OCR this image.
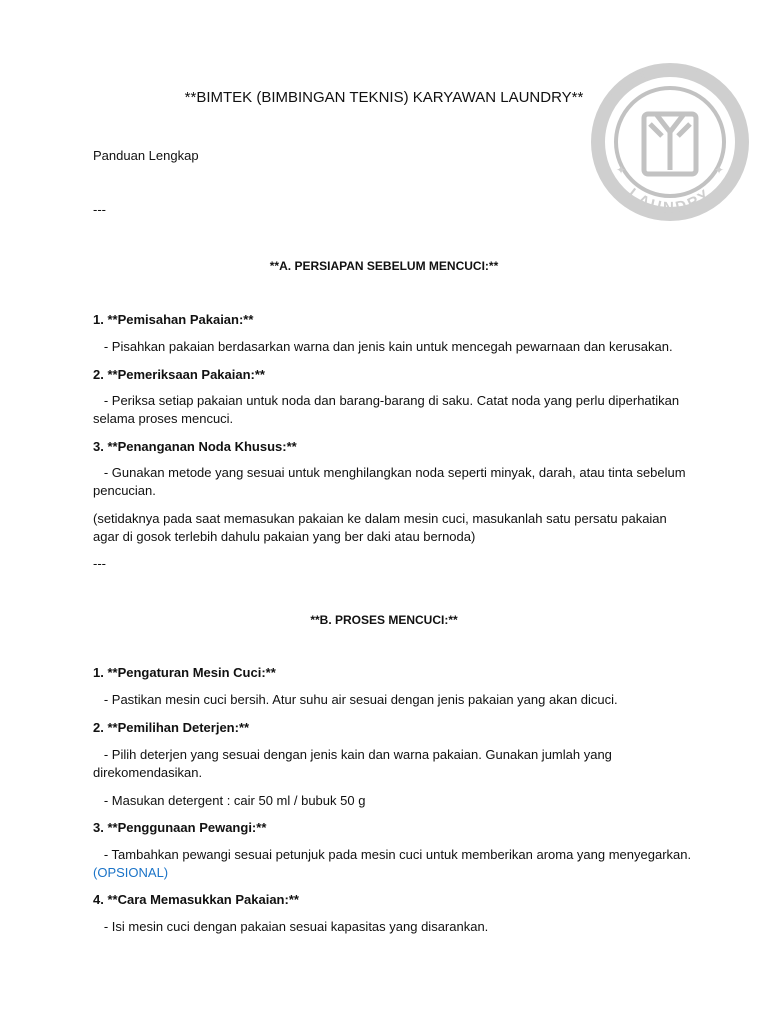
BAJU BERSIH
LAUNDRY
✦	✦
**BIMTEK (BIMBINGAN TEKNIS) KARYAWAN LAUNDRY**
Panduan Lengkap
---
**A. PERSIAPAN SEBELUM MENCUCI:**
1. **Pemisahan Pakaian:**
- Pisahkan pakaian berdasarkan warna dan jenis kain untuk mencegah pewarnaan dan kerusakan.
2. **Pemeriksaan Pakaian:**
- Periksa setiap pakaian untuk noda dan barang-barang di saku. Catat noda yang perlu diperhatikan selama proses mencuci.
3. **Penanganan Noda Khusus:**
- Gunakan metode yang sesuai untuk menghilangkan noda seperti minyak, darah, atau tinta sebelum pencucian.
(setidaknya pada saat memasukan pakaian ke dalam mesin cuci, masukanlah satu persatu pakaian agar di gosok terlebih dahulu pakaian yang ber daki atau bernoda)
---
**B. PROSES MENCUCI:**
1. **Pengaturan Mesin Cuci:**
- Pastikan mesin cuci bersih. Atur suhu air sesuai dengan jenis pakaian yang akan dicuci.
2. **Pemilihan Deterjen:**
- Pilih deterjen yang sesuai dengan jenis kain dan warna pakaian. Gunakan jumlah yang direkomendasikan.
- Masukan detergent : cair 50 ml / bubuk 50 g
3. **Penggunaan Pewangi:**
- Tambahkan pewangi sesuai petunjuk pada mesin cuci untuk memberikan aroma yang menyegarkan. (OPSIONAL)
4. **Cara Memasukkan Pakaian:**
- Isi mesin cuci dengan pakaian sesuai kapasitas yang disarankan.
